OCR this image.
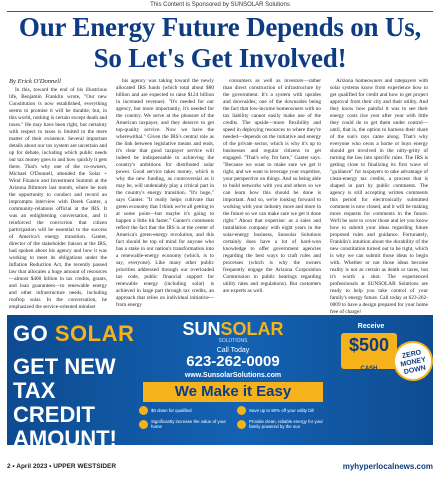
This Content is Sponsored by SUNSOLAR Solutions
Our Energy Future Depends on Us, So Let's Get Involved!
By Erick O'Donnell

In this, toward the end of his illustrious life, Benjamin Franklin wrote, "Our new Constitution is now established, everything seems to promise it will be durable; but, in this world, nothing is certain except death and taxes." He may have been right, but certainty with respect to taxes is limited to the mere matter of their existence. Several important details about our tax system are uncertain and up for debate, including which public needs our tax money goes to and how quickly it gets there. That's why one of the co-owners, Michael O'Donnell, attended the Solar + Wind Finance and Investment Summit at the Arizona Biltmore last month, where he took the opportunity to conduct and record an impromptu interview with Derek Ganter, a community-relations official at the IRS. It was an enlightening conversation, and it reinforced the conviction that citizen participation will be essential to the success of America's energy transition. Ganter, director of the stakeholder liaison at the IRS, had spoken about his agency and how it was working to meet its obligations under the Inflation Reduction Act, the recently passed law that allocates a huge amount of resources—almost $400 billion in tax credits, grants, and loan guarantees—to renewable energy and other infrastructure needs, including rooftop solar. In the conversation, he emphasized the service-oriented mindset

his agency was taking toward the newly allocated IRS funds (which total about $80 billion and are expected to raise $124 billion in increased revenue). "It's needed for our agency, but more importantly, it's needed for the country. We serve at the pleasure of the American taxpayer, and they deserve to get top-quality service. Now we have the wherewithal." Given the IRS's central role as the link between legislative means and ends, it's clear that good taxpayer service will indeed be indispensable to achieving the country's ambitions for distributed solar power. Good service takes money, which is why the new funding, as controversial as it may be, will undeniably play a critical part in the country's energy transition. "It's huge," says Ganter. "It really helps cultivate that green economy that I think we're all getting to at some point—but maybe it's going to happen a little bit faster." Ganter's comments reflect the fact that the IRS is at the center of America's green-energy revolution, and this fact should be top of mind for anyone who has a stake in our nation's transformation into a renewable-energy economy (which, is to say, everyone). Like many other public priorities addressed through our overloaded tax code, public financial support for renewable energy (including solar) is achieved in large part through tax credits, an approach that relies on individual initiative—from energy

consumers as well as investors—rather than direct construction of infrastructure by the government. It's a system with upsides and downsides; one of the downsides being the fact that low-income homeowners with no tax liability cannot easily make use of the credits. The upside—more flexibility and speed in deploying resources to where they're needed—depends on the initiative and energy of the private sector, which is why it's up to businesses and regular citizens to get engaged. "That's why I'm here," Ganter says. "Because we want to make sure we get it right, and we want to leverage your expertise, your perspective on things. And so being able to build networks with you and others so we can learn how this should be done is important. And so, we're looking forward to working with your industry more and more in the future so we can make sure we get it done right." About that expertise: as a sales and installation company with eight years in the solar-energy business, Sunsolar Solutions certainly does have a lot of hard-won knowledge to offer government agencies regarding the best ways to craft rules and processes (which is why the owners frequently engage the Arizona Corporation Commission in public hearings regarding utility rates and regulations). But customers are experts as well.

Arizona homeowners and ratepayers with solar systems know from experience how to get qualified for credit and how to get project approval from their city and their utility. And they know how painful it was to see their energy costs rise year after year with little they could do to get them under control—until, that is, the option to harness their share of the sun's rays came along. That's why everyone who owns a home or buys energy should get involved in the nitty-gritty of turning the law into specific rules. The IRS is getting close to finalizing its first wave of "guidance" for taxpayers to take advantage of clean-energy tax credits, a process that is shaped in part by public comments. The agency is still accepting written comments this period for electronically submitted comment is now closed, and it will be making more requests for comments in the future. We'll be sure to cover those and let you know how to submit your ideas regarding future proposed rules and guidance. Fortunately, Franklin's intuition about the durability of the new constitution turned out to be right, which is why we can submit those ideas to begin with. Whether or not those ideas become reality is not as certain as death or taxes, but it's worth a shot. The experienced professionals at SUNSOLAR Solutions are ready to help you take control of your family's energy future. Call today at 623-262-0009 to have a design prepared for your home free of charge!

GO SOLAR
GET NEW TAX CREDIT AMOUNT!
SUNSOLAR
SOLUTIONS
Call Today
623-262-0009
www.SunsolarSolutions.com
We Make it Easy
$0 down for qualified	Save up to 90% off your utility bill
Significantly increase the value of your home
Provide clean, reliable energy for your family powered by the sun
Receive
$500
CASH
ZERO MONEY DOWN
2 • April 2023 • UPPER WESTSIDER	myhyperlocalnews.com
